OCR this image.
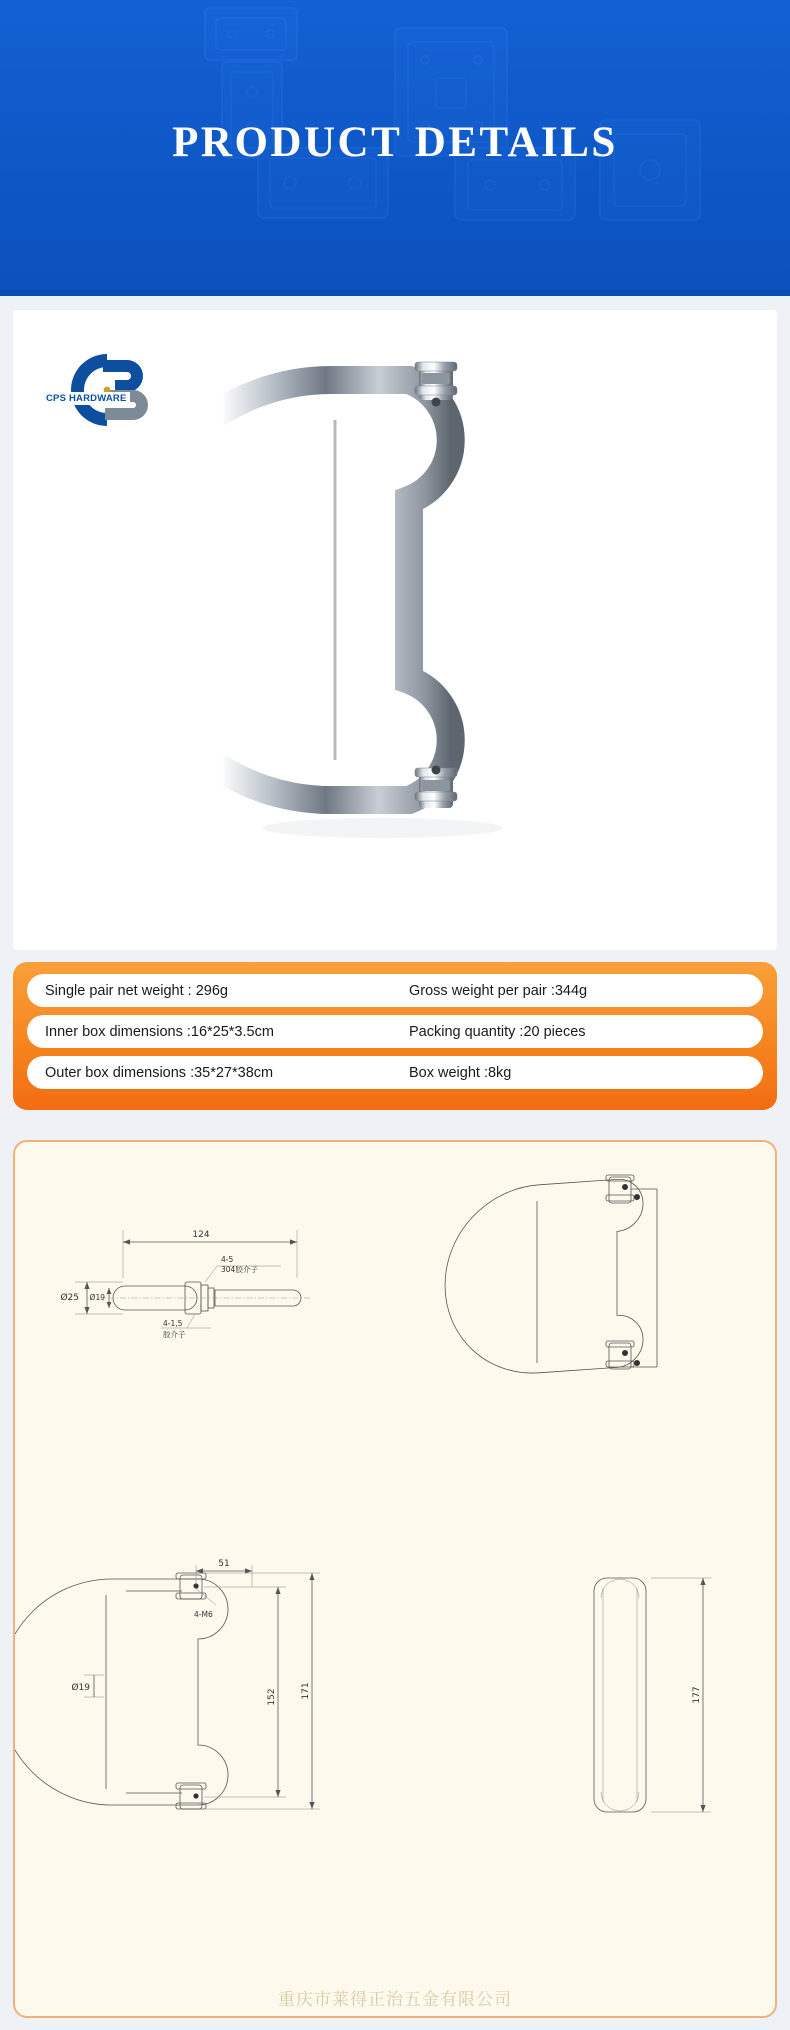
PRODUCT DETAILS
CPS HARDWARE
Single pair net weight : 296g	Gross weight per pair :344g
Inner box dimensions :16*25*3.5cm	Packing quantity :20 pieces
Outer box dimensions :35*27*38cm	Box weight :8kg
124
Ø25 Ø19
4-5
304胶介子
4-1,5
胶介子
51
4-M6
Ø19
152	171	177
重庆市莱得正治五金有限公司
